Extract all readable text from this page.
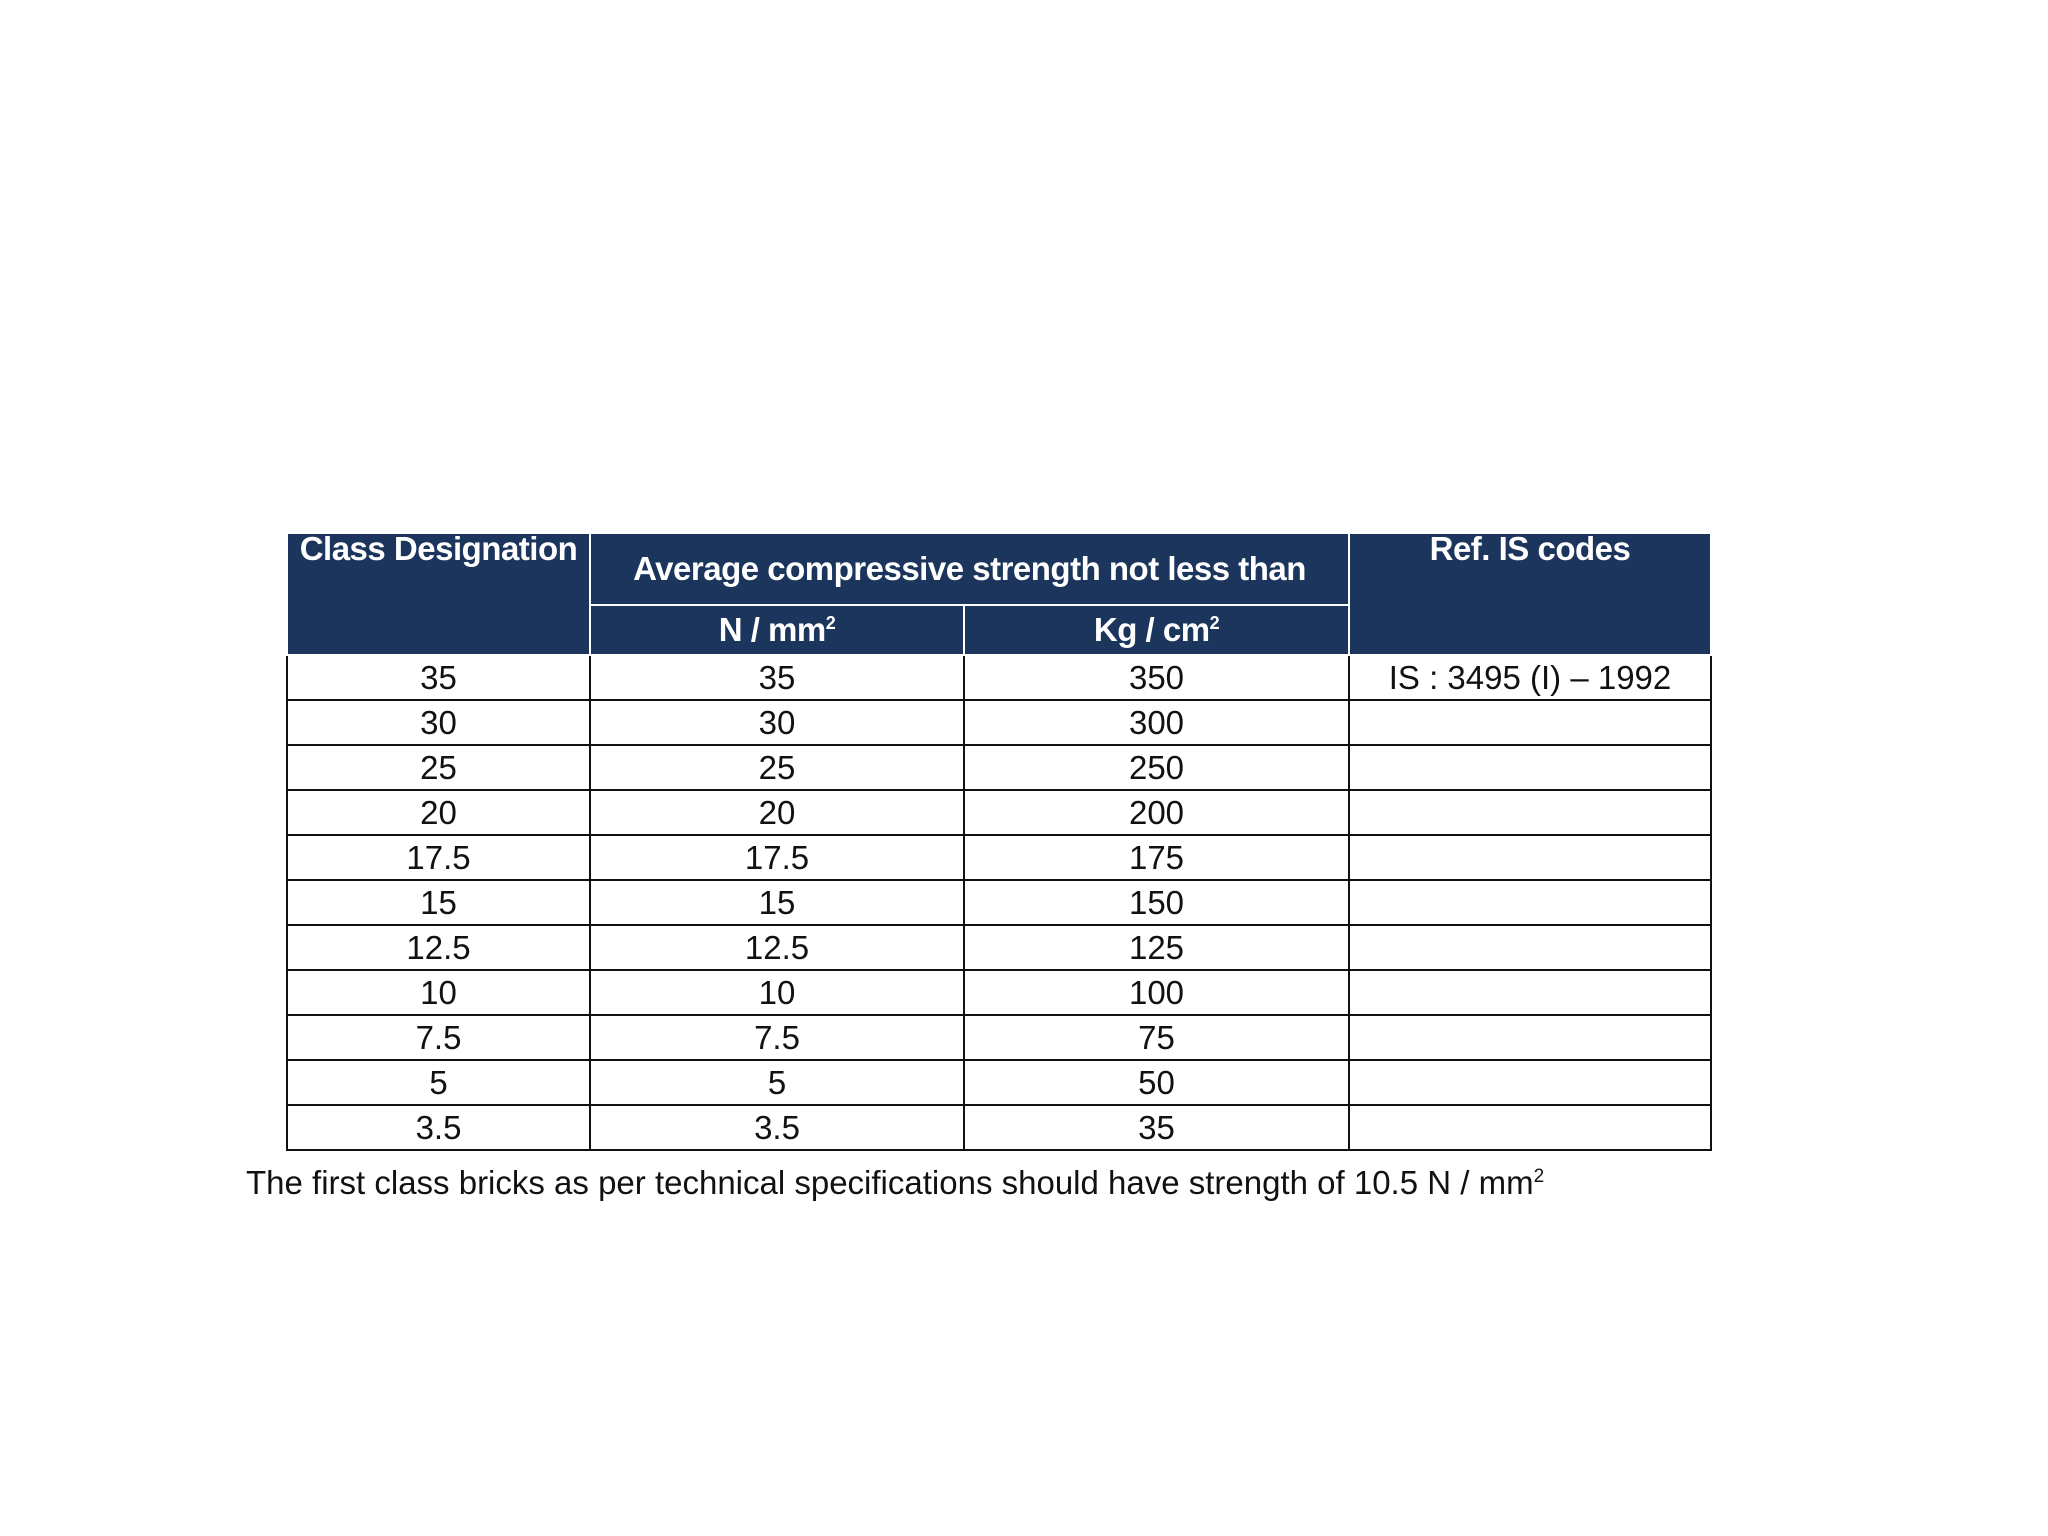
Class Designation	Average compressive strength not less than		Ref. IS codes

	N / $mm^2$	Kg / $cm^2$
35	35	350	IS : 3495 (I) – 1992
30	30	300	
25	25	250	
20	20	200	
17.5	17.5	175	
15	15	150	
12.5	12.5	125	
10	10	100	
7.5	7.5	75	
5	5	50	
3.5	3.5	35	
The first class bricks as per technical specifications should have strength of 10.5 N / $mm^2$
